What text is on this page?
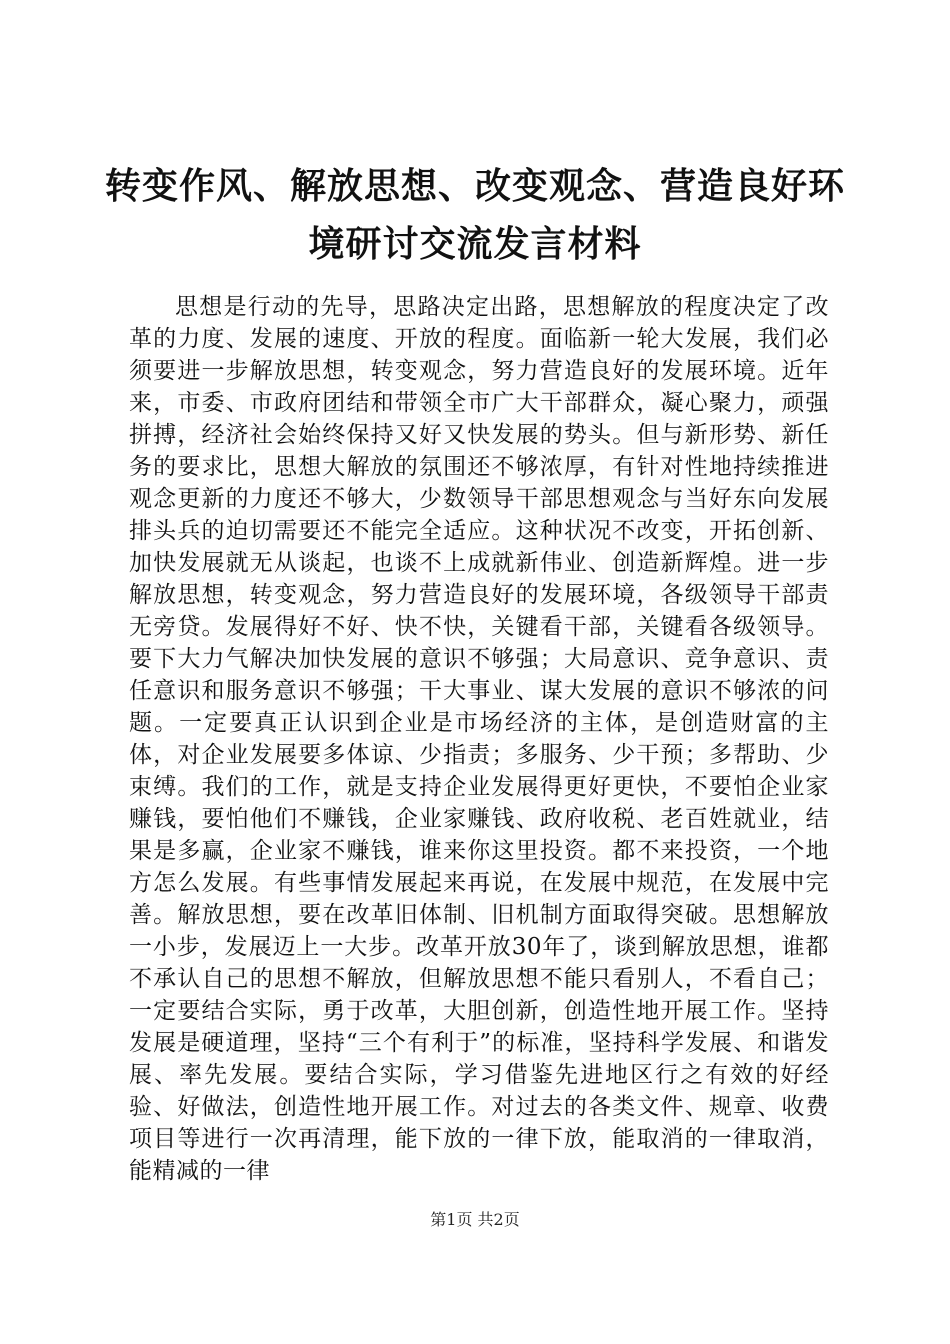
转变作风、解放思想、改变观念、营造良好环
境研讨交流发言材料

思想是行动的先导，思路决定出路，思想解放的程度决定了改革的力度、发展的速度、开放的程度。面临新一轮大发展，我们必须要进一步解放思想，转变观念，努力营造良好的发展环境。近年来，市委、市政府团结和带领全市广大干部群众，凝心聚力，顽强拼搏，经济社会始终保持又好又快发展的势头。但与新形势、新任务的要求比，思想大解放的氛围还不够浓厚，有针对性地持续推进观念更新的力度还不够大，少数领导干部思想观念与当好东向发展排头兵的迫切需要还不能完全适应。这种状况不改变，开拓创新、加快发展就无从谈起，也谈不上成就新伟业、创造新辉煌。进一步解放思想，转变观念，努力营造良好的发展环境，各级领导干部责无旁贷。发展得好不好、快不快，关键看干部，关键看各级领导。要下大力气解决加快发展的意识不够强；大局意识、竞争意识、责任意识和服务意识不够强；干大事业、谋大发展的意识不够浓的问题。一定要真正认识到企业是市场经济的主体，是创造财富的主体，对企业发展要多体谅、少指责；多服务、少干预；多帮助、少束缚。我们的工作，就是支持企业发展得更好更快，不要怕企业家赚钱，要怕他们不赚钱，企业家赚钱、政府收税、老百姓就业，结果是多赢，企业家不赚钱，谁来你这里投资。都不来投资，一个地方怎么发展。有些事情发展起来再说，在发展中规范，在发展中完善。解放思想，要在改革旧体制、旧机制方面取得突破。思想解放一小步，发展迈上一大步。改革开放30年了，谈到解放思想，谁都不承认自己的思想不解放，但解放思想不能只看别人，不看自己；一定要结合实际，勇于改革，大胆创新，创造性地开展工作。坚持发展是硬道理，坚持“三个有利于”的标准，坚持科学发展、和谐发展、率先发展。要结合实际，学习借鉴先进地区行之有效的好经验、好做法，创造性地开展工作。对过去的各类文件、规章、收费项目等进行一次再清理，能下放的一律下放，能取消的一律取消，能精减的一律

第1页 共2页
